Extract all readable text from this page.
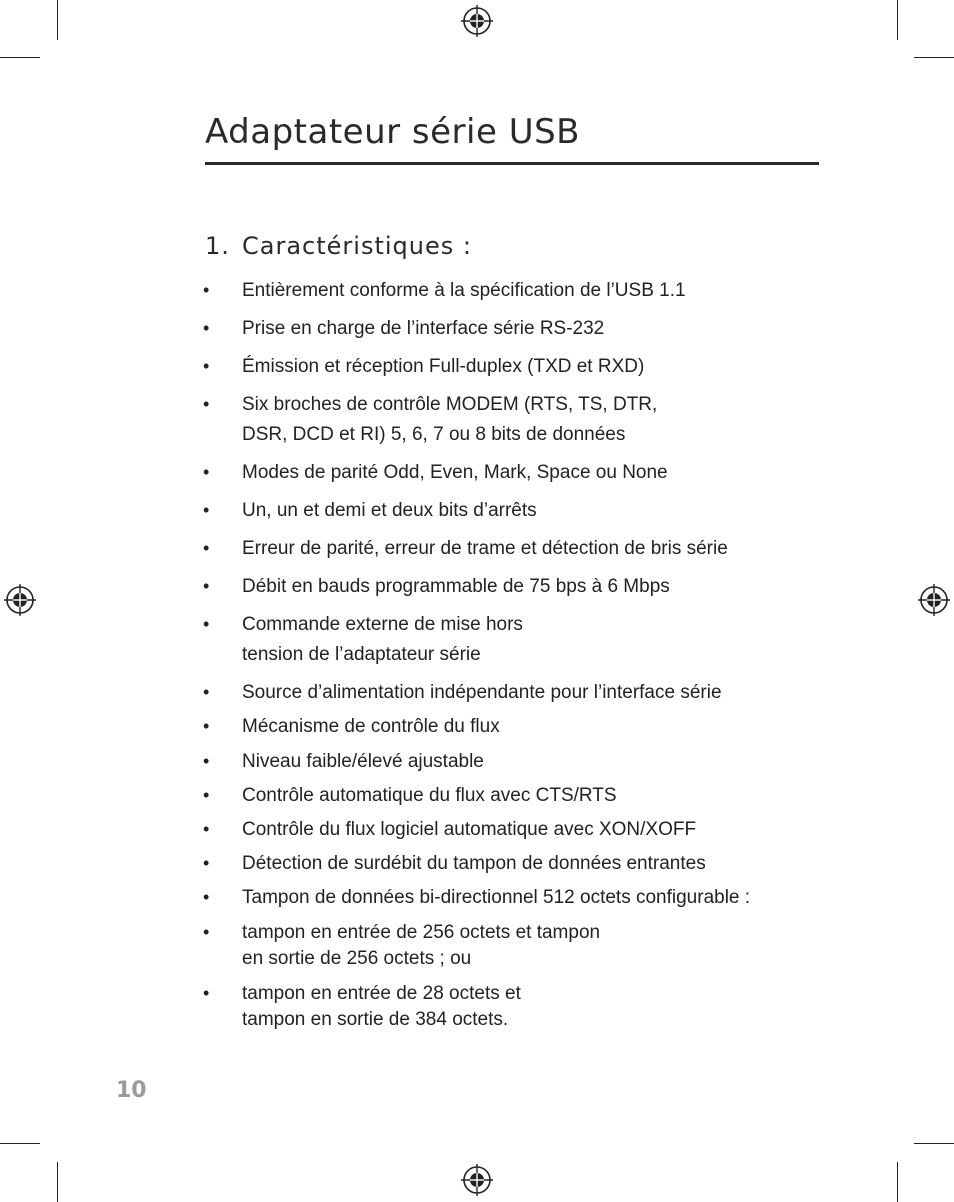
Adaptateur série USB
1. Caractéristiques :
• Entièrement conforme à la spécification de l’USB 1.1
• Prise en charge de l’interface série RS-232
• Émission et réception Full-duplex (TXD et RXD)
• Six broches de contrôle MODEM (RTS, TS, DTR,
DSR, DCD et RI) 5, 6, 7 ou 8 bits de données
• Modes de parité Odd, Even, Mark, Space ou None
• Un, un et demi et deux bits d’arrêts
• Erreur de parité, erreur de trame et détection de bris série
• Débit en bauds programmable de 75 bps à 6 Mbps
• Commande externe de mise hors
tension de l’adaptateur série
• Source d’alimentation indépendante pour l’interface série
• Mécanisme de contrôle du flux
• Niveau faible/élevé ajustable
• Contrôle automatique du flux avec CTS/RTS
• Contrôle du flux logiciel automatique avec XON/XOFF
• Détection de surdébit du tampon de données entrantes
• Tampon de données bi-directionnel 512 octets configurable :
• tampon en entrée de 256 octets et tampon
en sortie de 256 octets ; ou
• tampon en entrée de 28 octets et
tampon en sortie de 384 octets.
10
